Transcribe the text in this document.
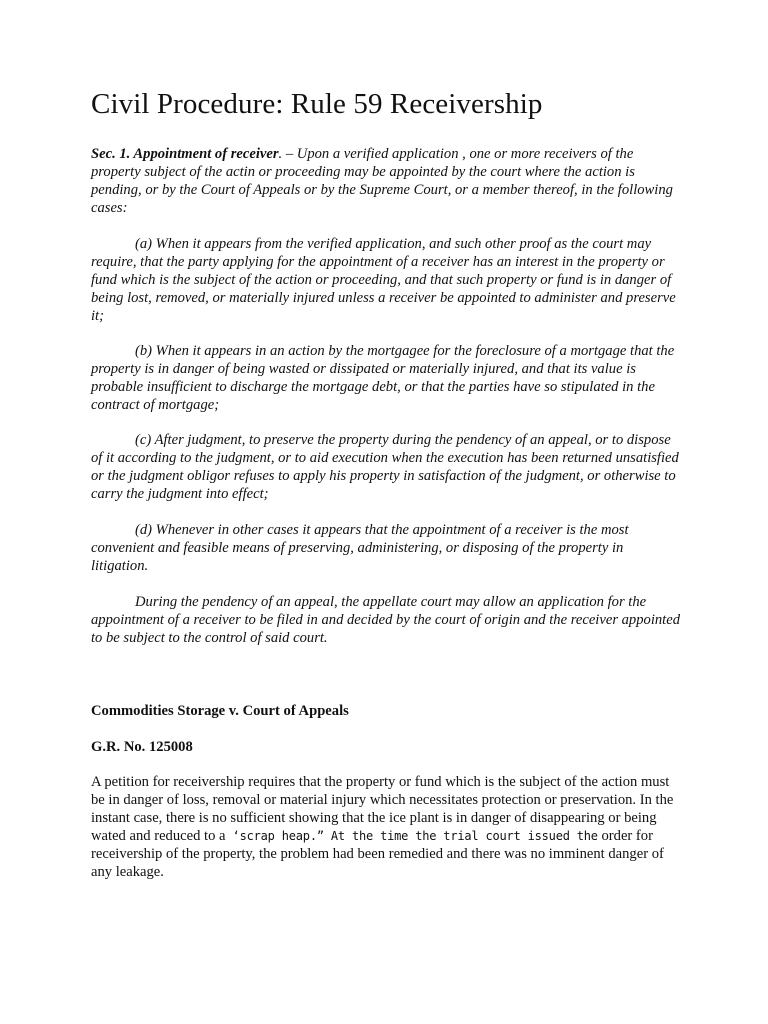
Civil Procedure: Rule 59 Receivership

Sec. 1. Appointment of receiver. – Upon a verified application , one or more receivers of the property subject of the actin or proceeding may be appointed by the court where the action is pending, or by the Court of Appeals or by the Supreme Court, or a member thereof, in the following cases:

(a) When it appears from the verified application, and such other proof as the court may require, that the party applying for the appointment of a receiver has an interest in the property or fund which is the subject of the action or proceeding, and that such property or fund is in danger of being lost, removed, or materially injured unless a receiver be appointed to administer and preserve it;

(b) When it appears in an action by the mortgagee for the foreclosure of a mortgage that the property is in danger of being wasted or dissipated or materially injured, and that its value is probable insufficient to discharge the mortgage debt, or that the parties have so stipulated in the contract of mortgage;

(c) After judgment, to preserve the property during the pendency of an appeal, or to dispose of it according to the judgment, or to aid execution when the execution has been returned unsatisfied or the judgment obligor refuses to apply his property in satisfaction of the judgment, or otherwise to carry the judgment into effect;

(d) Whenever in other cases it appears that the appointment of a receiver is the most convenient and feasible means of preserving, administering, or disposing of the property in litigation.

During the pendency of an appeal, the appellate court may allow an application for the appointment of a receiver to be filed in and decided by the court of origin and the receiver appointed to be subject to the control of said court.

Commodities Storage v. Court of Appeals

G.R. No. 125008

A petition for receivership requires that the property or fund which is the subject of the action must be in danger of loss, removal or material injury which necessitates protection or preservation. In the instant case, there is no sufficient showing that the ice plant is in danger of disappearing or being wated and reduced to a ‘scrap heap.” At the time the trial court issued the order for receivership of the property, the problem had been remedied and there was no imminent danger of any leakage.
